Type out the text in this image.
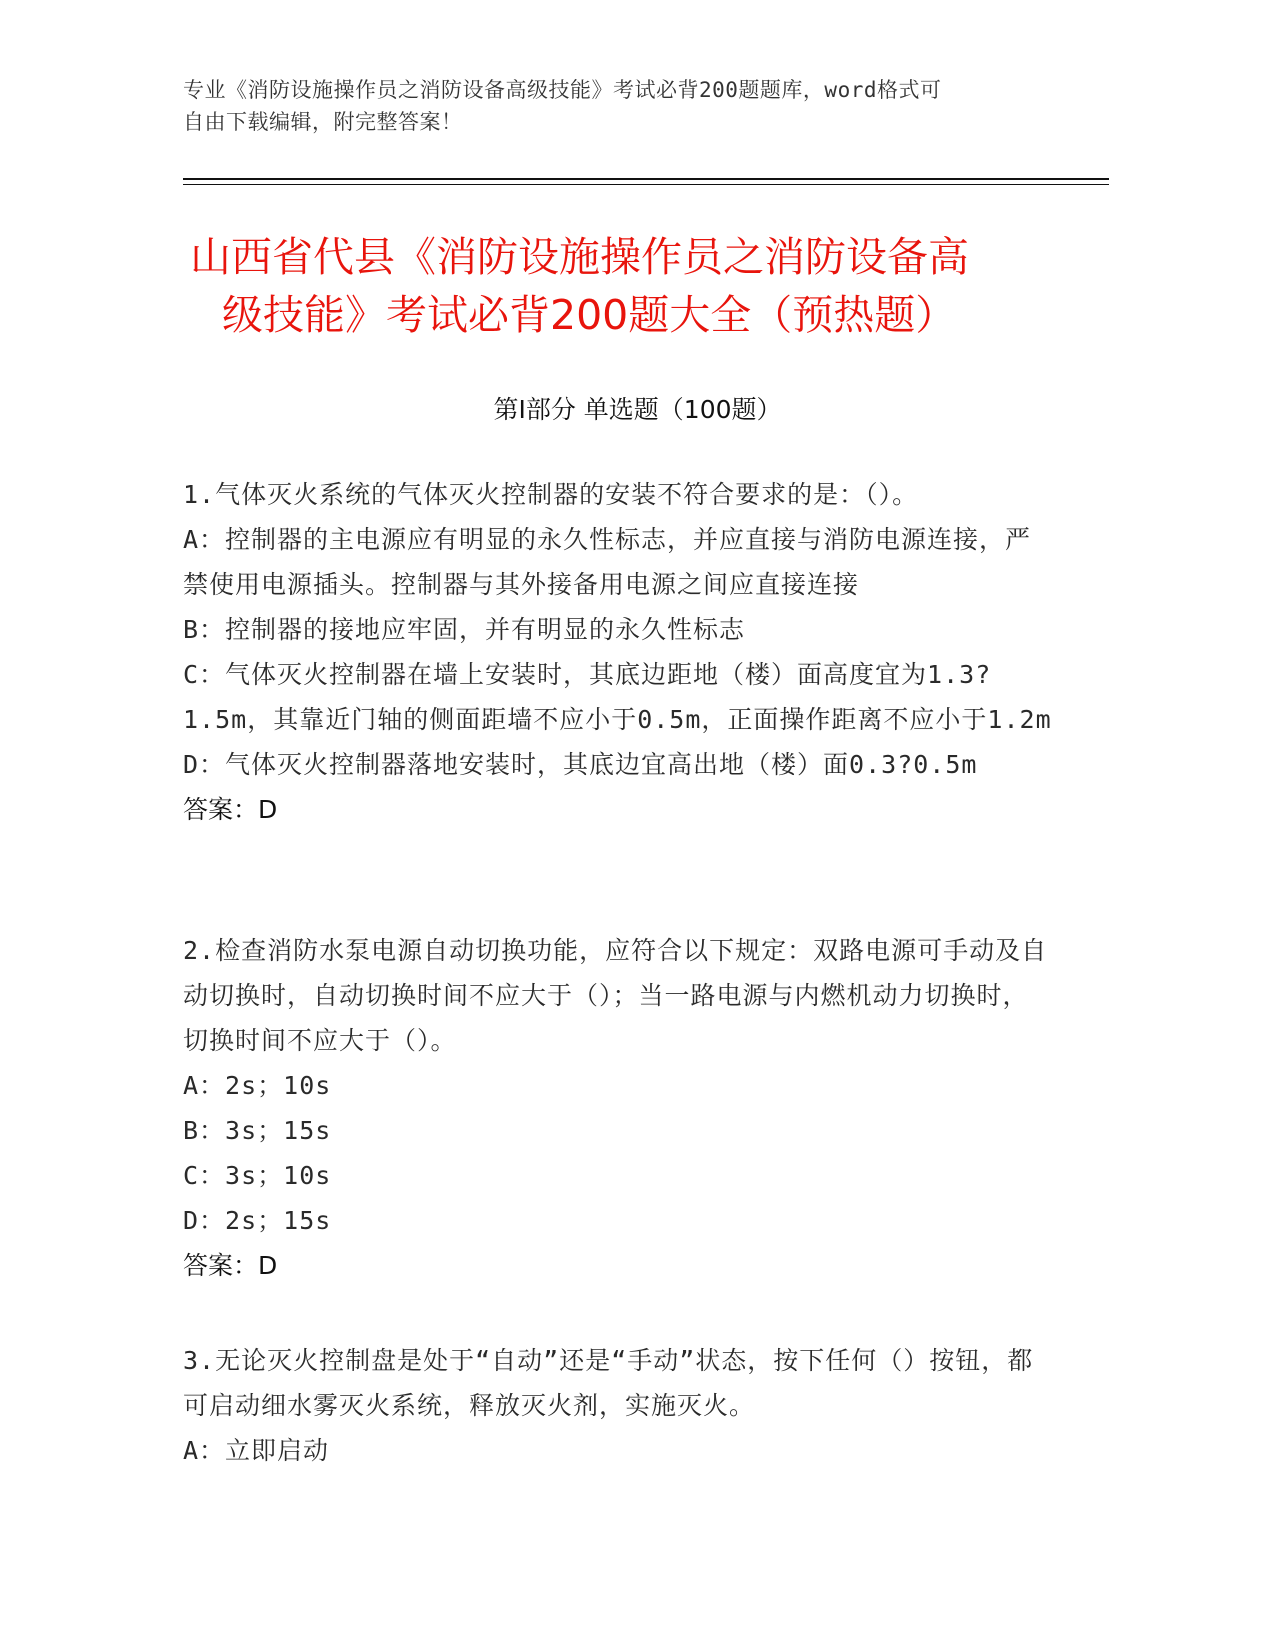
专业《消防设施操作员之消防设备高级技能》考试必背200题题库，word格式可
自由下载编辑，附完整答案！
山西省代县《消防设施操作员之消防设备高
级技能》考试必背200题大全（预热题）
第Ⅰ部分 单选题（100题）
1.气体灭火系统的气体灭火控制器的安装不符合要求的是：（）。
A：控制器的主电源应有明显的永久性标志，并应直接与消防电源连接，严禁使用电源插头。控制器与其外接备用电源之间应直接连接
B：控制器的接地应牢固，并有明显的永久性标志
C：气体灭火控制器在墙上安装时，其底边距地（楼）面高度宜为1.3?1.5m，其靠近门轴的侧面距墙不应小于0.5m，正面操作距离不应小于1.2m
D：气体灭火控制器落地安装时，其底边宜高出地（楼）面0.3?0.5m
答案：D
2.检查消防水泵电源自动切换功能，应符合以下规定：双路电源可手动及自动切换时，自动切换时间不应大于（）；当一路电源与内燃机动力切换时，切换时间不应大于（）。
A：2s；10s
B：3s；15s
C：3s；10s
D：2s；15s
答案：D
3.无论灭火控制盘是处于“自动”还是“手动”状态，按下任何（）按钮，都可启动细水雾灭火系统，释放灭火剂，实施灭火。
A：立即启动
